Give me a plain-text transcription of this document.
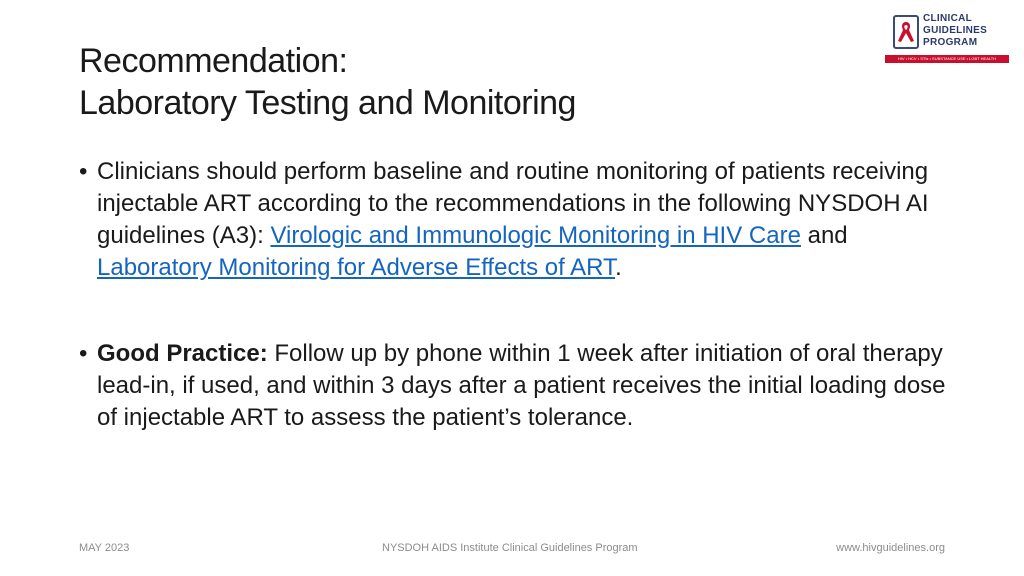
Recommendation:
Laboratory Testing and Monitoring
CLINICAL
GUIDELINES
PROGRAM
HIV • HCV • STIs • SUBSTANCE USE • LGBT HEALTH
• Clinicians should perform baseline and routine monitoring of patients receiving injectable ART according to the recommendations in the following NYSDOH AI guidelines (A3): Virologic and Immunologic Monitoring in HIV Care and Laboratory Monitoring for Adverse Effects of ART.
• Good Practice: Follow up by phone within 1 week after initiation of oral therapy lead-in, if used, and within 3 days after a patient receives the initial loading dose of injectable ART to assess the patient’s tolerance.
MAY 2023	NYSDOH AIDS Institute Clinical Guidelines Program	www.hivguidelines.org
